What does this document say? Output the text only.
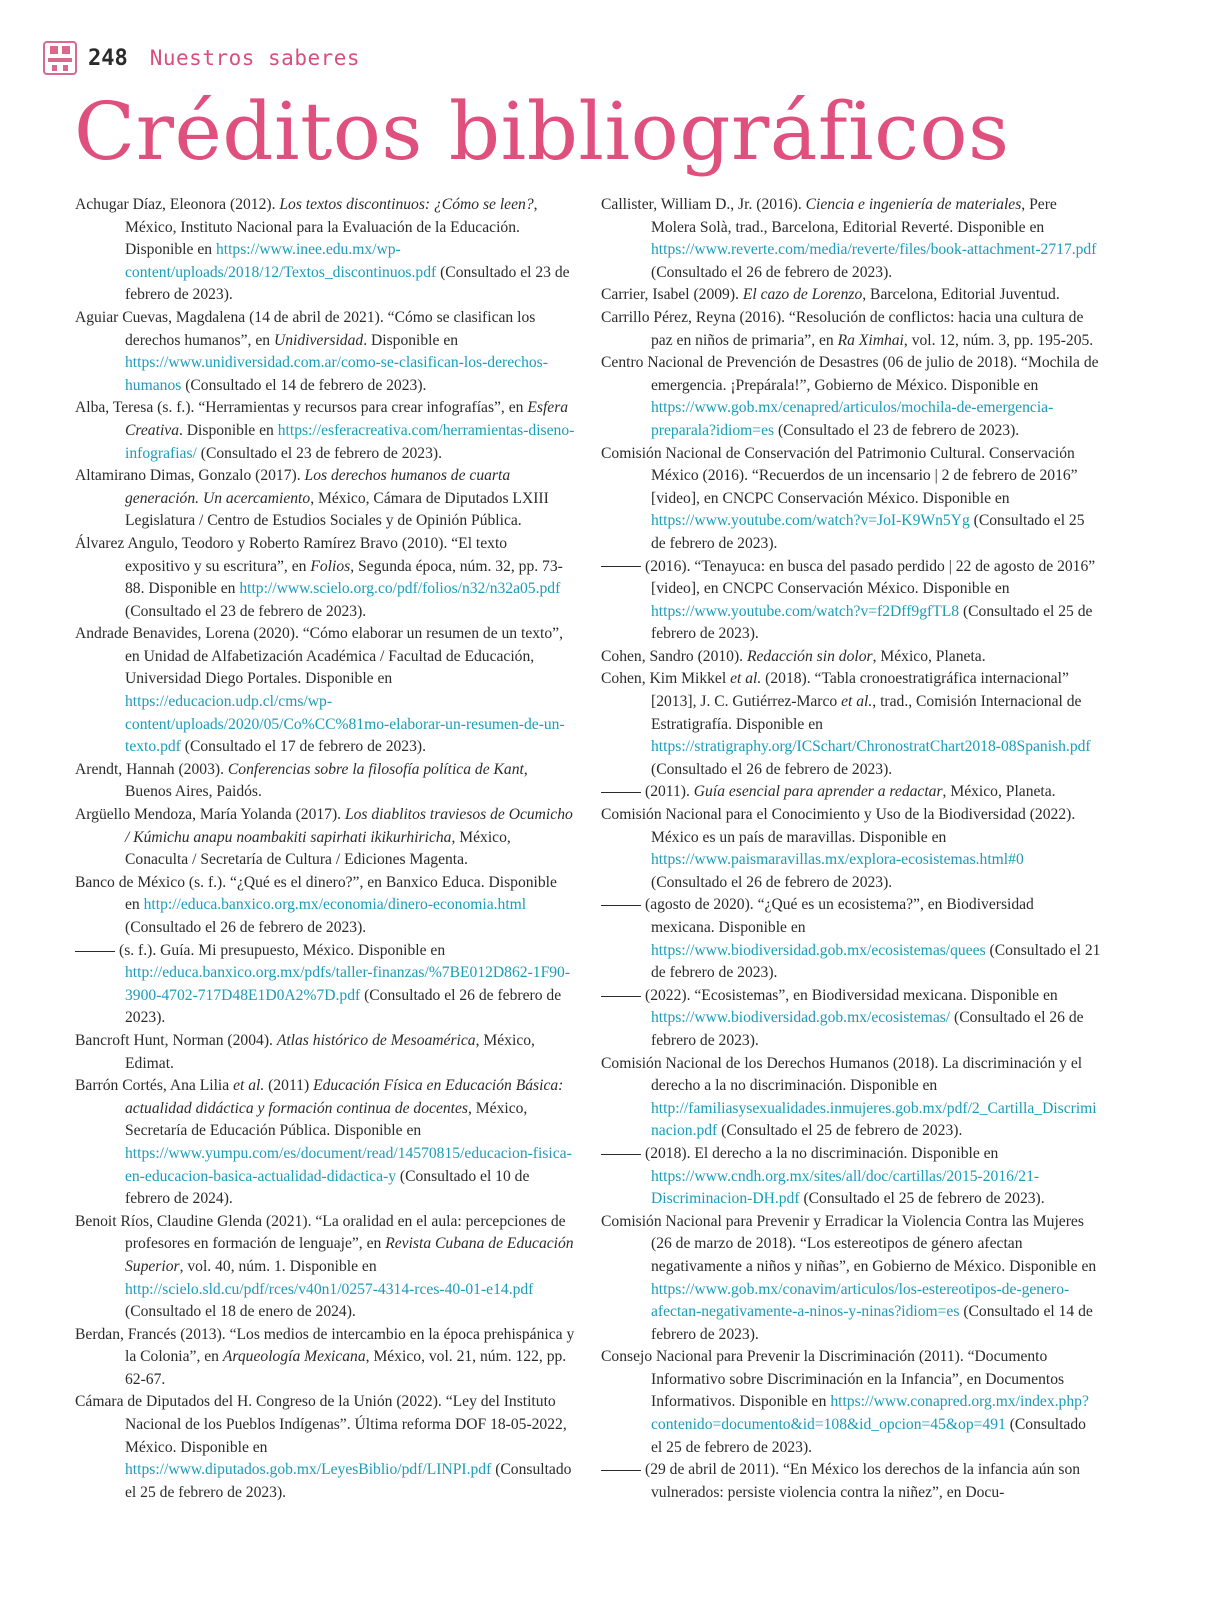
248 Nuestros saberes
Créditos bibliográficos

Achugar Díaz, Eleonora (2012). Los textos discontinuos: ¿Cómo se leen?, México, Instituto Nacional para la Evaluación de la Educación. Disponible en https://www.inee.edu.mx/wp-content/uploads/2018/12/Textos_discontinuos.pdf (Consultado el 23 de febrero de 2023).

Aguiar Cuevas, Magdalena (14 de abril de 2021). “Cómo se clasifican los derechos humanos”, en Unidiversidad. Disponible en https://www.unidiversidad.com.ar/como-se-clasifican-los-derechos-humanos (Consultado el 14 de febrero de 2023).

Alba, Teresa (s. f.). “Herramientas y recursos para crear infografías”, en Esfera Creativa. Disponible en https://esferacreativa.com/herramientas-diseno-infografias/ (Consultado el 23 de febrero de 2023).

Altamirano Dimas, Gonzalo (2017). Los derechos humanos de cuarta generación. Un acercamiento, México, Cámara de Diputados LXIII Legislatura / Centro de Estudios Sociales y de Opinión Pública.

Álvarez Angulo, Teodoro y Roberto Ramírez Bravo (2010). “El texto expositivo y su escritura”, en Folios, Segunda época, núm. 32, pp. 73-88. Disponible en http://www.scielo.org.co/pdf/folios/n32/n32a05.pdf (Consultado el 23 de febrero de 2023).

Andrade Benavides, Lorena (2020). “Cómo elaborar un resumen de un texto”, en Unidad de Alfabetización Académica / Facultad de Educación, Universidad Diego Portales. Disponible en https://educacion.udp.cl/cms/wp-content/uploads/2020/05/Co%CC%81mo-elaborar-un-resumen-de-un-texto.pdf (Consultado el 17 de febrero de 2023).

Arendt, Hannah (2003). Conferencias sobre la filosofía política de Kant, Buenos Aires, Paidós.

Argüello Mendoza, María Yolanda (2017). Los diablitos traviesos de Ocumicho / Kúmichu anapu noambakiti sapirhati ikikurhiricha, México, Conaculta / Secretaría de Cultura / Ediciones Magenta.

Banco de México (s. f.). “¿Qué es el dinero?”, en Banxico Educa. Disponible en http://educa.banxico.org.mx/economia/dinero-economia.html (Consultado el 26 de febrero de 2023).

(s. f.). Guía. Mi presupuesto, México. Disponible en http://educa.banxico.org.mx/pdfs/taller-finanzas/%7BE012D862-1F90-3900-4702-717D48E1D0A2%7D.pdf (Consultado el 26 de febrero de 2023).

Bancroft Hunt, Norman (2004). Atlas histórico de Mesoamérica, México, Edimat.

Barrón Cortés, Ana Lilia et al. (2011) Educación Física en Educación Básica: actualidad didáctica y formación continua de docentes, México, Secretaría de Educación Pública. Disponible en https://www.yumpu.com/es/document/read/14570815/educacion-fisica-en-educacion-basica-actualidad-didactica-y (Consultado el 10 de febrero de 2024).

Benoit Ríos, Claudine Glenda (2021). “La oralidad en el aula: percepciones de profesores en formación de lenguaje”, en Revista Cubana de Educación Superior, vol. 40, núm. 1. Disponible en http://scielo.sld.cu/pdf/rces/v40n1/0257-4314-rces-40-01-e14.pdf (Consultado el 18 de enero de 2024).

Berdan, Francés (2013). “Los medios de intercambio en la época prehispánica y la Colonia”, en Arqueología Mexicana, México, vol. 21, núm. 122, pp. 62-67.

Cámara de Diputados del H. Congreso de la Unión (2022). “Ley del Instituto Nacional de los Pueblos Indígenas”. Última reforma DOF 18-05-2022, México. Disponible en https://www.diputados.gob.mx/LeyesBiblio/pdf/LINPI.pdf (Consultado el 25 de febrero de 2023).

Callister, William D., Jr. (2016). Ciencia e ingeniería de materiales, Pere Molera Solà, trad., Barcelona, Editorial Reverté. Disponible en https://www.reverte.com/media/reverte/files/book-attachment-2717.pdf (Consultado el 26 de febrero de 2023).

Carrier, Isabel (2009). El cazo de Lorenzo, Barcelona, Editorial Juventud.

Carrillo Pérez, Reyna (2016). “Resolución de conflictos: hacia una cultura de paz en niños de primaria”, en Ra Ximhai, vol. 12, núm. 3, pp. 195-205.

Centro Nacional de Prevención de Desastres (06 de julio de 2018). “Mochila de emergencia. ¡Prepárala!”, Gobierno de México. Disponible en https://www.gob.mx/cenapred/articulos/mochila-de-emergencia-preparala?idiom=es (Consultado el 23 de febrero de 2023).

Comisión Nacional de Conservación del Patrimonio Cultural. Conservación México (2016). “Recuerdos de un incensario | 2 de febrero de 2016” [video], en CNCPC Conservación México. Disponible en https://www.youtube.com/watch?v=JoI-K9Wn5Yg (Consultado el 25 de febrero de 2023).

(2016). “Tenayuca: en busca del pasado perdido | 22 de agosto de 2016” [video], en CNCPC Conservación México. Disponible en https://www.youtube.com/watch?v=f2Dff9gfTL8 (Consultado el 25 de febrero de 2023).

Cohen, Sandro (2010). Redacción sin dolor, México, Planeta.

Cohen, Kim Mikkel et al. (2018). “Tabla cronoestratigráfica internacional” [2013], J. C. Gutiérrez-Marco et al., trad., Comisión Internacional de Estratigrafía. Disponible en https://stratigraphy.org/ICSchart/ChronostratChart2018-08Spanish.pdf (Consultado el 26 de febrero de 2023).

(2011). Guía esencial para aprender a redactar, México, Planeta.

Comisión Nacional para el Conocimiento y Uso de la Biodiversidad (2022). México es un país de maravillas. Disponible en https://www.paismaravillas.mx/explora-ecosistemas.html#0 (Consultado el 26 de febrero de 2023).

(agosto de 2020). “¿Qué es un ecosistema?”, en Biodiversidad mexicana. Disponible en https://www.biodiversidad.gob.mx/ecosistemas/quees (Consultado el 21 de febrero de 2023).

(2022). “Ecosistemas”, en Biodiversidad mexicana. Disponible en https://www.biodiversidad.gob.mx/ecosistemas/ (Consultado el 26 de febrero de 2023).

Comisión Nacional de los Derechos Humanos (2018). La discriminación y el derecho a la no discriminación. Disponible en http://familiasysexualidades.inmujeres.gob.mx/pdf/2_Cartilla_Discriminacion.pdf (Consultado el 25 de febrero de 2023).

(2018). El derecho a la no discriminación. Disponible en https://www.cndh.org.mx/sites/all/doc/cartillas/2015-2016/21-Discriminacion-DH.pdf (Consultado el 25 de febrero de 2023).

Comisión Nacional para Prevenir y Erradicar la Violencia Contra las Mujeres (26 de marzo de 2018). “Los estereotipos de género afectan negativamente a niños y niñas”, en Gobierno de México. Disponible en https://www.gob.mx/conavim/articulos/los-estereotipos-de-genero-afectan-negativamente-a-ninos-y-ninas?idiom=es (Consultado el 14 de febrero de 2023).

Consejo Nacional para Prevenir la Discriminación (2011). “Documento Informativo sobre Discriminación en la Infancia”, en Documentos Informativos. Disponible en https://www.conapred.org.mx/index.php?contenido=documento&id=108&id_opcion=45&op=491 (Consultado el 25 de febrero de 2023).

(29 de abril de 2011). “En México los derechos de la infancia aún son vulnerados: persiste violencia contra la niñez”, en Docu-
